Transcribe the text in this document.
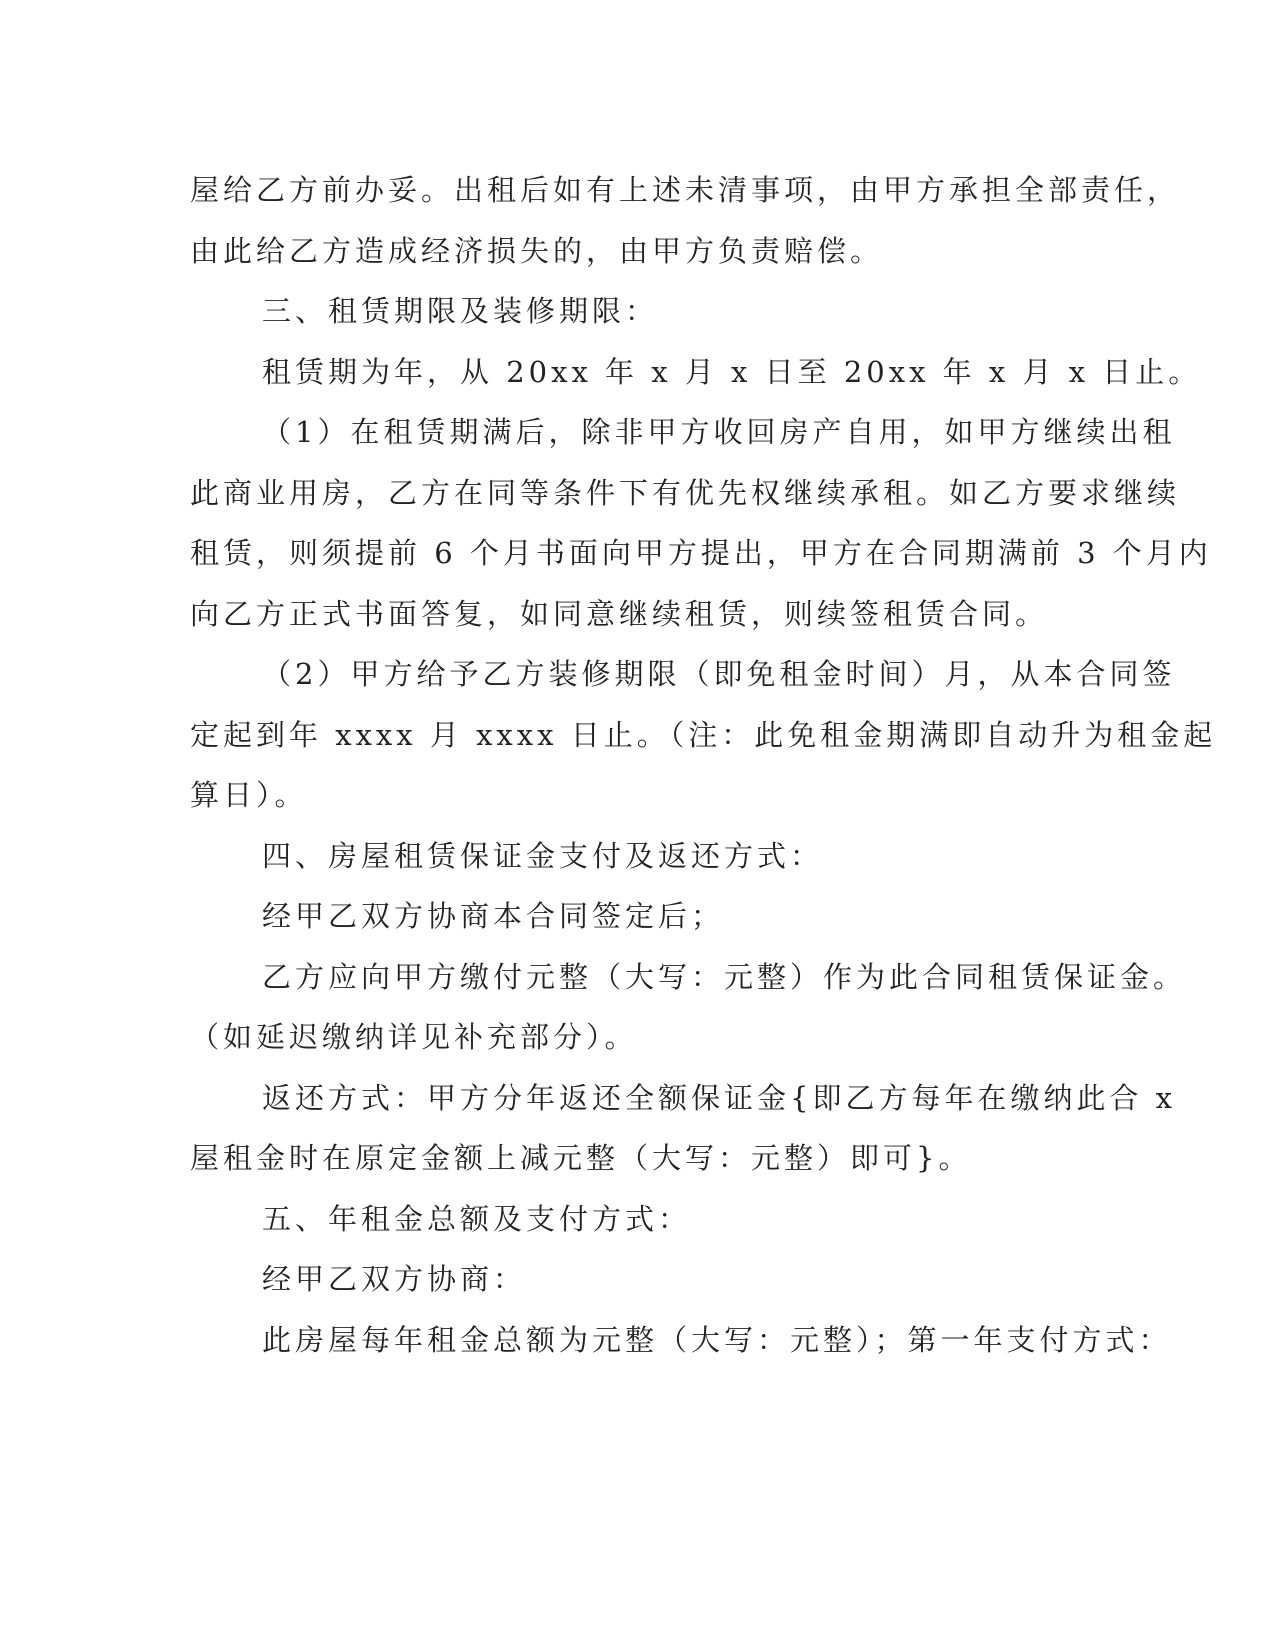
屋给乙方前办妥。出租后如有上述未清事项，由甲方承担全部责任，
由此给乙方造成经济损失的，由甲方负责赔偿。
三、租赁期限及装修期限：
租赁期为年，从 20xx 年 x 月 x 日至 20xx 年 x 月 x 日止。
（1）在租赁期满后，除非甲方收回房产自用，如甲方继续出租
此商业用房，乙方在同等条件下有优先权继续承租。如乙方要求继续
租赁，则须提前 6 个月书面向甲方提出，甲方在合同期满前 3 个月内
向乙方正式书面答复，如同意继续租赁，则续签租赁合同。
（2）甲方给予乙方装修期限（即免租金时间）月，从本合同签
定起到年 xxxx 月 xxxx 日止。（注：此免租金期满即自动升为租金起
算日）。
四、房屋租赁保证金支付及返还方式：
经甲乙双方协商本合同签定后；
乙方应向甲方缴付元整（大写：元整）作为此合同租赁保证金。
（如延迟缴纳详见补充部分）。
返还方式：甲方分年返还全额保证金{即乙方每年在缴纳此合 x
屋租金时在原定金额上减元整（大写：元整）即可}。
五、年租金总额及支付方式：
经甲乙双方协商：
此房屋每年租金总额为元整（大写：元整）；第一年支付方式：
